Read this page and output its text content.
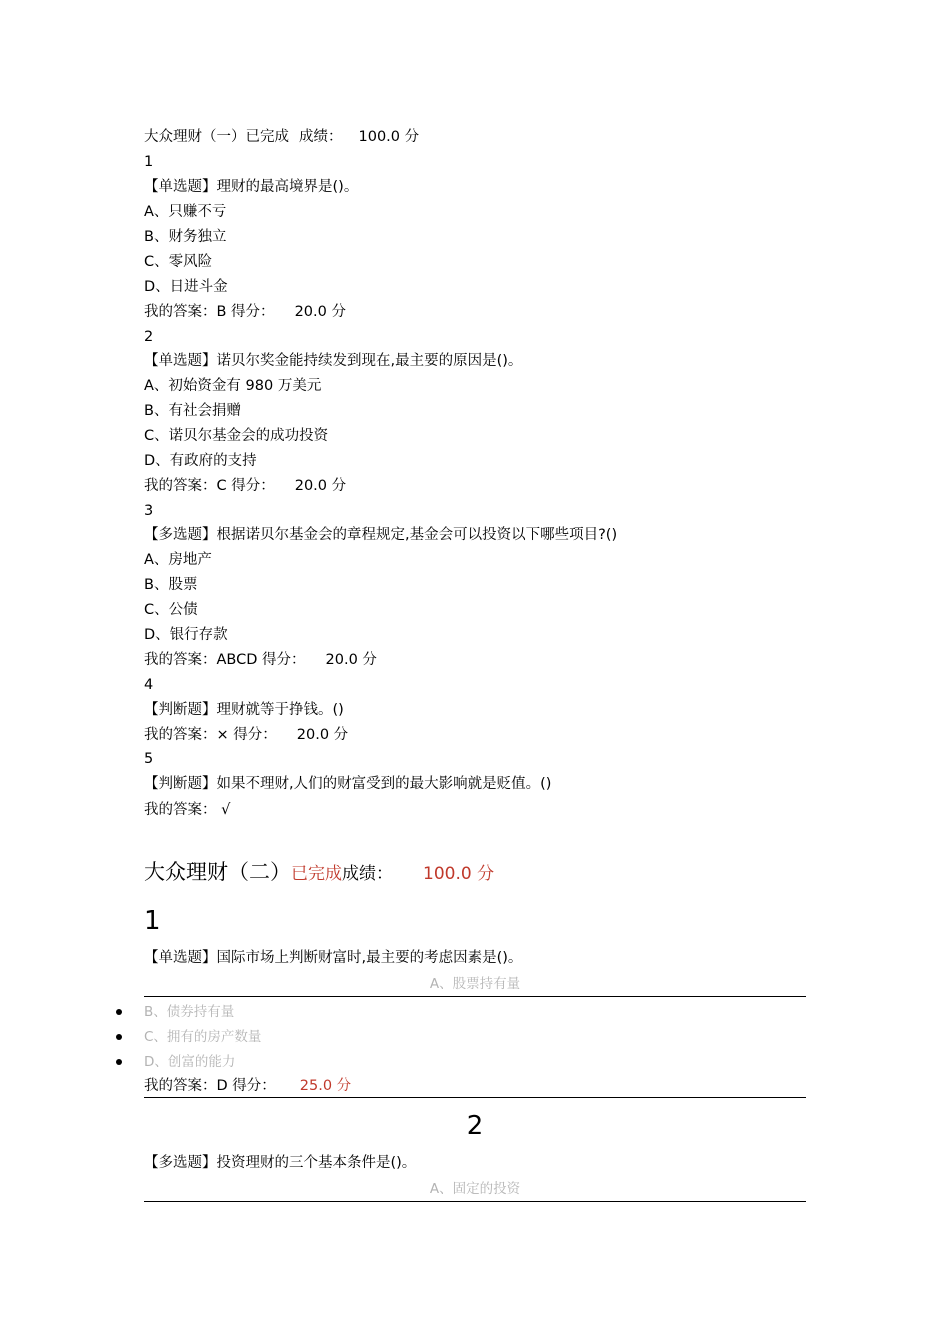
大众理财（一）已完成 成绩： 100.0 分
1
【单选题】理财的最高境界是()。
A、只赚不亏
B、财务独立
C、零风险
D、日进斗金
我的答案：B 得分： 20.0 分
2
【单选题】诺贝尔奖金能持续发到现在,最主要的原因是()。
A、初始资金有 980 万美元
B、有社会捐赠
C、诺贝尔基金会的成功投资
D、有政府的支持
我的答案：C 得分： 20.0 分
3
【多选题】根据诺贝尔基金会的章程规定,基金会可以投资以下哪些项目?()
A、房地产
B、股票
C、公债
D、银行存款
我的答案：ABCD 得分： 20.0 分
4
【判断题】理财就等于挣钱。()
我的答案：× 得分： 20.0 分
5
【判断题】如果不理财,人们的财富受到的最大影响就是贬值。()
我的答案： √
大众理财（二）已完成成绩： 100.0 分
1
【单选题】国际市场上判断财富时,最主要的考虑因素是()。
A、股票持有量
B、债券持有量
C、拥有的房产数量
D、创富的能力
我的答案：D 得分： 25.0 分
2
【多选题】投资理财的三个基本条件是()。
A、固定的投资
